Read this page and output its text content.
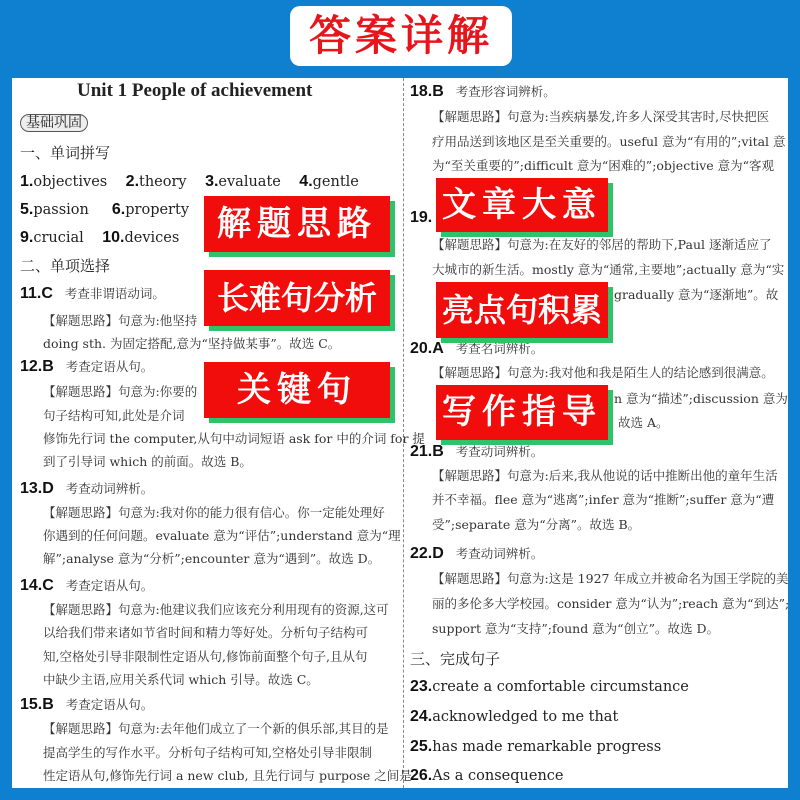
答案详解
Unit 1 People of achievement
基础巩固
一、单词拼写
1.objectives 2.theory 3.evaluate 4.gentle
5.passion 6.property
9.crucial 10.devices
二、单项选择
11.C 考查非谓语动词。
【解题思路】句意为:他坚持
doing sth. 为固定搭配,意为“坚持做某事”。故选 C。
12.B 考查定语从句。
【解题思路】句意为:你要的
句子结构可知,此处是介词
修饰先行词 the computer,从句中动词短语 ask for 中的介词 for 提
到了引导词 which 的前面。故选 B。
13.D 考查动词辨析。
【解题思路】句意为:我对你的能力很有信心。你一定能处理好
你遇到的任何问题。evaluate 意为“评估”;understand 意为“理
解”;analyse 意为“分析”;encounter 意为“遇到”。故选 D。
14.C 考查定语从句。
【解题思路】句意为:他建议我们应该充分利用现有的资源,这可
以给我们带来诸如节省时间和精力等好处。分析句子结构可
知,空格处引导非限制性定语从句,修饰前面整个句子,且从句
中缺少主语,应用关系代词 which 引导。故选 C。
15.B 考查定语从句。
【解题思路】句意为:去年他们成立了一个新的俱乐部,其目的是
提高学生的写作水平。分析句子结构可知,空格处引导非限制
性定语从句,修饰先行词 a new club, 且先行词与 purpose 之间是
18.B 考查形容词辨析。
【解题思路】句意为:当疾病暴发,许多人深受其害时,尽快把医
疗用品送到该地区是至关重要的。useful 意为“有用的”;vital 意
为“至关重要的”;difficult 意为“困难的”;objective 意为“客观
19.
【解题思路】句意为:在友好的邻居的帮助下,Paul 逐渐适应了
大城市的新生活。mostly 意为“通常,主要地”;actually 意为“实
gradually 意为“逐渐地”。故
20.A 考查名词辨析。
【解题思路】句意为:我对他和我是陌生人的结论感到很满意。
n 意为“描述”;discussion 意为
故选 A。
21.B 考查动词辨析。
【解题思路】句意为:后来,我从他说的话中推断出他的童年生活
并不幸福。flee 意为“逃离”;infer 意为“推断”;suffer 意为“遭
受”;separate 意为“分离”。故选 B。
22.D 考查动词辨析。
【解题思路】句意为:这是 1927 年成立并被命名为国王学院的美
丽的多伦多大学校园。consider 意为“认为”;reach 意为“到达”;
support 意为“支持”;found 意为“创立”。故选 D。
三、完成句子
23.create a comfortable circumstance
24.acknowledged to me that
25.has made remarkable progress
26.As a consequence
解题思路
长难句分析
关键句
文章大意
亮点句积累
写作指导
